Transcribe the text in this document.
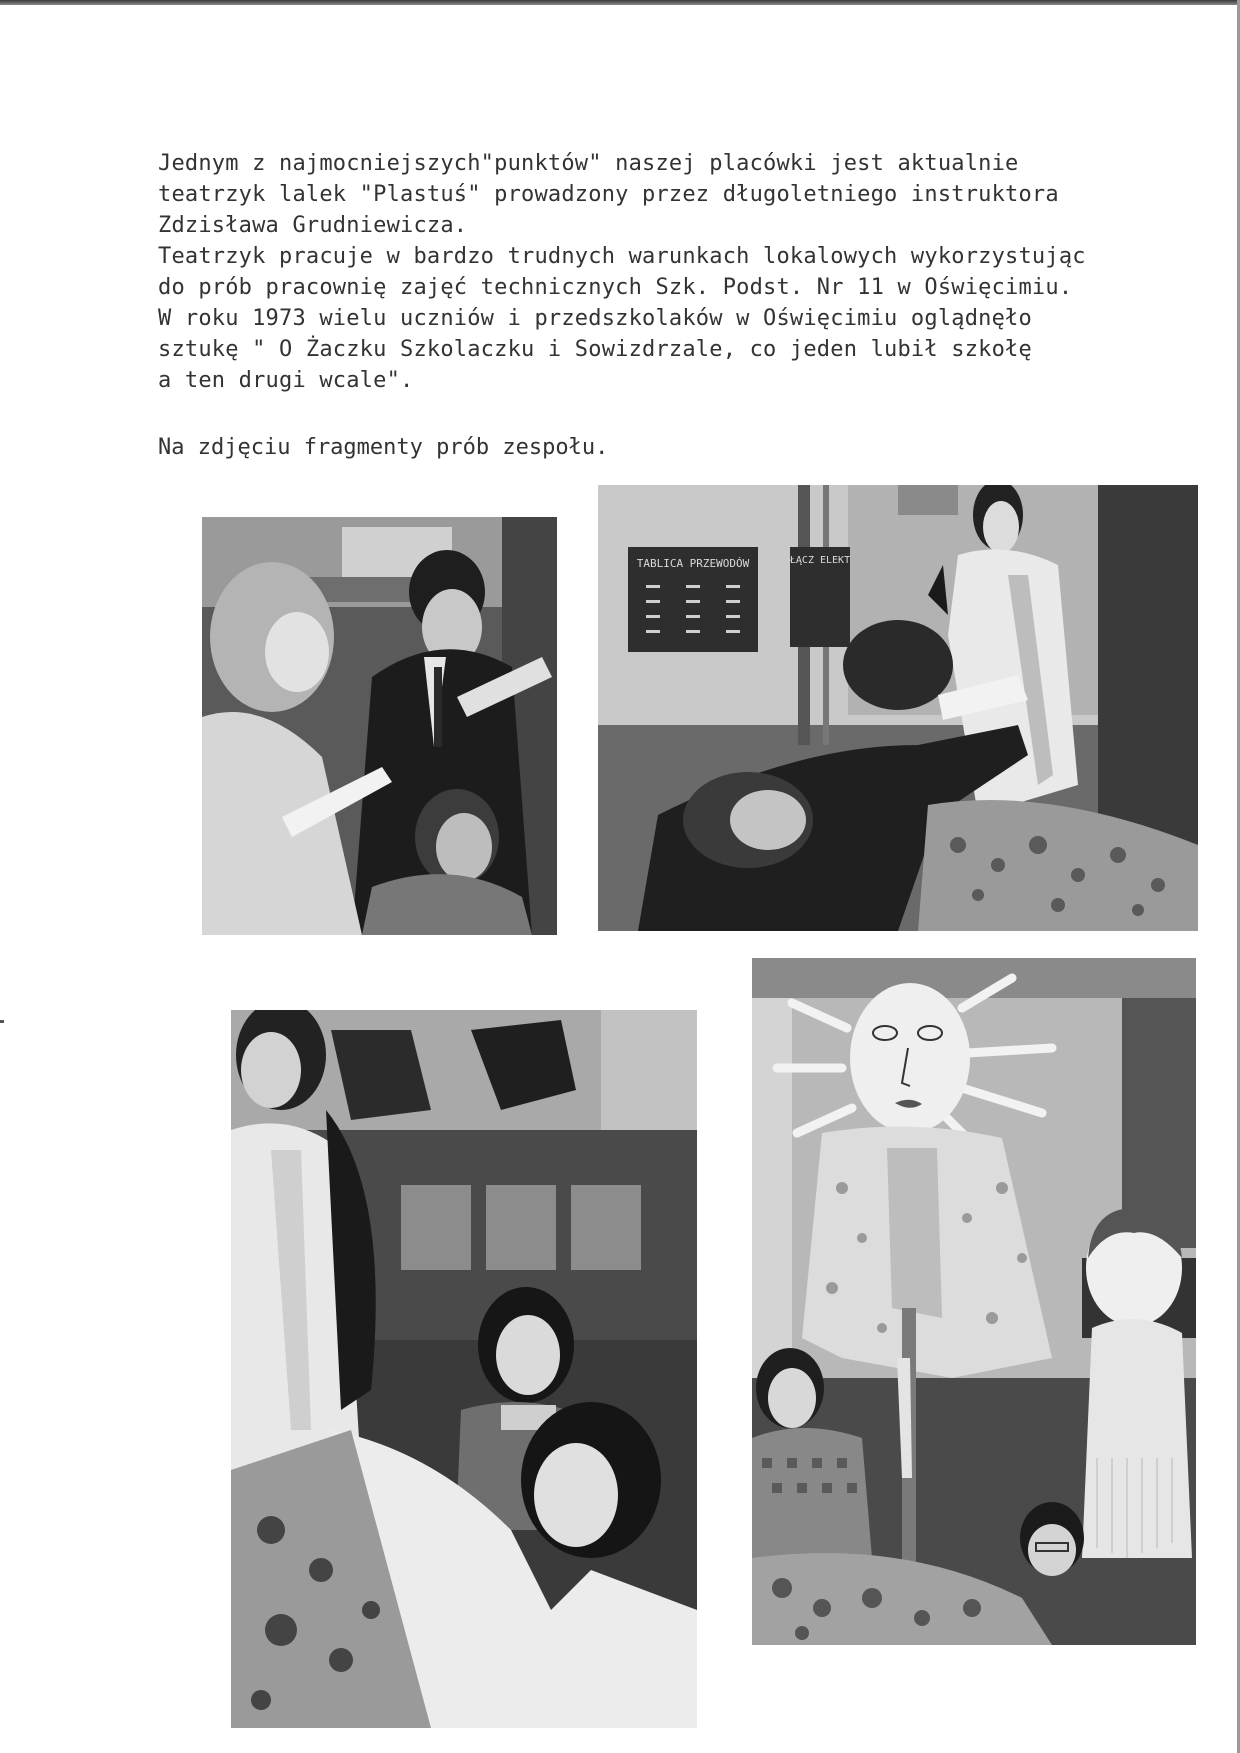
Jednym z najmocniejszych"punktów" naszej placówki jest aktualnie
teatrzyk lalek "Plastuś" prowadzony przez długoletniego instruktora
Zdzisława Grudniewicza.
Teatrzyk pracuje w bardzo trudnych warunkach lokalowych wykorzystując
do prób pracownię zajęć technicznych Szk. Podst. Nr 11 w Oświęcimiu.
W roku 1973 wielu uczniów i przedszkolaków w Oświęcimiu oglądnęło
sztukę " O Żaczku Szkolaczku i Sowizdrzale, co jeden lubił szkołę
a ten drugi wcale".
Na zdjęciu fragmenty prób zespołu.
TABLICA PRZEWODÓW	ŁĄCZ ELEKT
